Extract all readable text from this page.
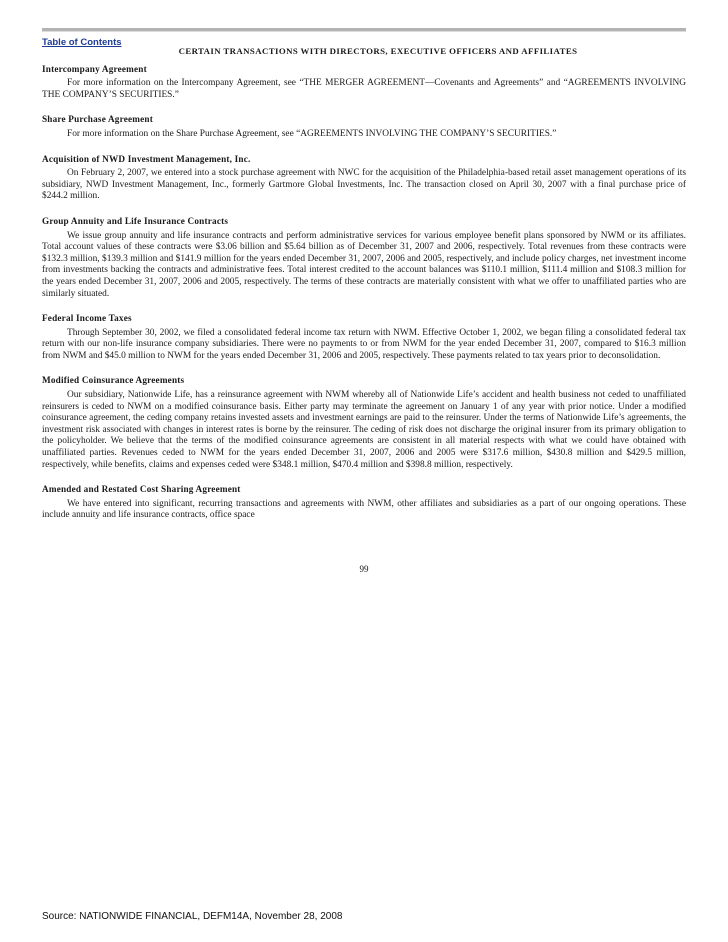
Table of Contents
CERTAIN TRANSACTIONS WITH DIRECTORS, EXECUTIVE OFFICERS AND AFFILIATES
Intercompany Agreement

For more information on the Intercompany Agreement, see “THE MERGER AGREEMENT—Covenants and Agreements” and “AGREEMENTS INVOLVING THE COMPANY’S SECURITIES.”

Share Purchase Agreement

For more information on the Share Purchase Agreement, see “AGREEMENTS INVOLVING THE COMPANY’S SECURITIES.”

Acquisition of NWD Investment Management, Inc.

On February 2, 2007, we entered into a stock purchase agreement with NWC for the acquisition of the Philadelphia-based retail asset management operations of its subsidiary, NWD Investment Management, Inc., formerly Gartmore Global Investments, Inc. The transaction closed on April 30, 2007 with a final purchase price of $244.2 million.

Group Annuity and Life Insurance Contracts

We issue group annuity and life insurance contracts and perform administrative services for various employee benefit plans sponsored by NWM or its affiliates. Total account values of these contracts were $3.06 billion and $5.64 billion as of December 31, 2007 and 2006, respectively. Total revenues from these contracts were $132.3 million, $139.3 million and $141.9 million for the years ended December 31, 2007, 2006 and 2005, respectively, and include policy charges, net investment income from investments backing the contracts and administrative fees. Total interest credited to the account balances was $110.1 million, $111.4 million and $108.3 million for the years ended December 31, 2007, 2006 and 2005, respectively. The terms of these contracts are materially consistent with what we offer to unaffiliated parties who are similarly situated.

Federal Income Taxes

Through September 30, 2002, we filed a consolidated federal income tax return with NWM. Effective October 1, 2002, we began filing a consolidated federal tax return with our non-life insurance company subsidiaries. There were no payments to or from NWM for the year ended December 31, 2007, compared to $16.3 million from NWM and $45.0 million to NWM for the years ended December 31, 2006 and 2005, respectively. These payments related to tax years prior to deconsolidation.

Modified Coinsurance Agreements

Our subsidiary, Nationwide Life, has a reinsurance agreement with NWM whereby all of Nationwide Life’s accident and health business not ceded to unaffiliated reinsurers is ceded to NWM on a modified coinsurance basis. Either party may terminate the agreement on January 1 of any year with prior notice. Under a modified coinsurance agreement, the ceding company retains invested assets and investment earnings are paid to the reinsurer. Under the terms of Nationwide Life’s agreements, the investment risk associated with changes in interest rates is borne by the reinsurer. The ceding of risk does not discharge the original insurer from its primary obligation to the policyholder. We believe that the terms of the modified coinsurance agreements are consistent in all material respects with what we could have obtained with unaffiliated parties. Revenues ceded to NWM for the years ended December 31, 2007, 2006 and 2005 were $317.6 million, $430.8 million and $429.5 million, respectively, while benefits, claims and expenses ceded were $348.1 million, $470.4 million and $398.8 million, respectively.

Amended and Restated Cost Sharing Agreement

We have entered into significant, recurring transactions and agreements with NWM, other affiliates and subsidiaries as a part of our ongoing operations. These include annuity and life insurance contracts, office space

99
Source: NATIONWIDE FINANCIAL, DEFM14A, November 28, 2008
